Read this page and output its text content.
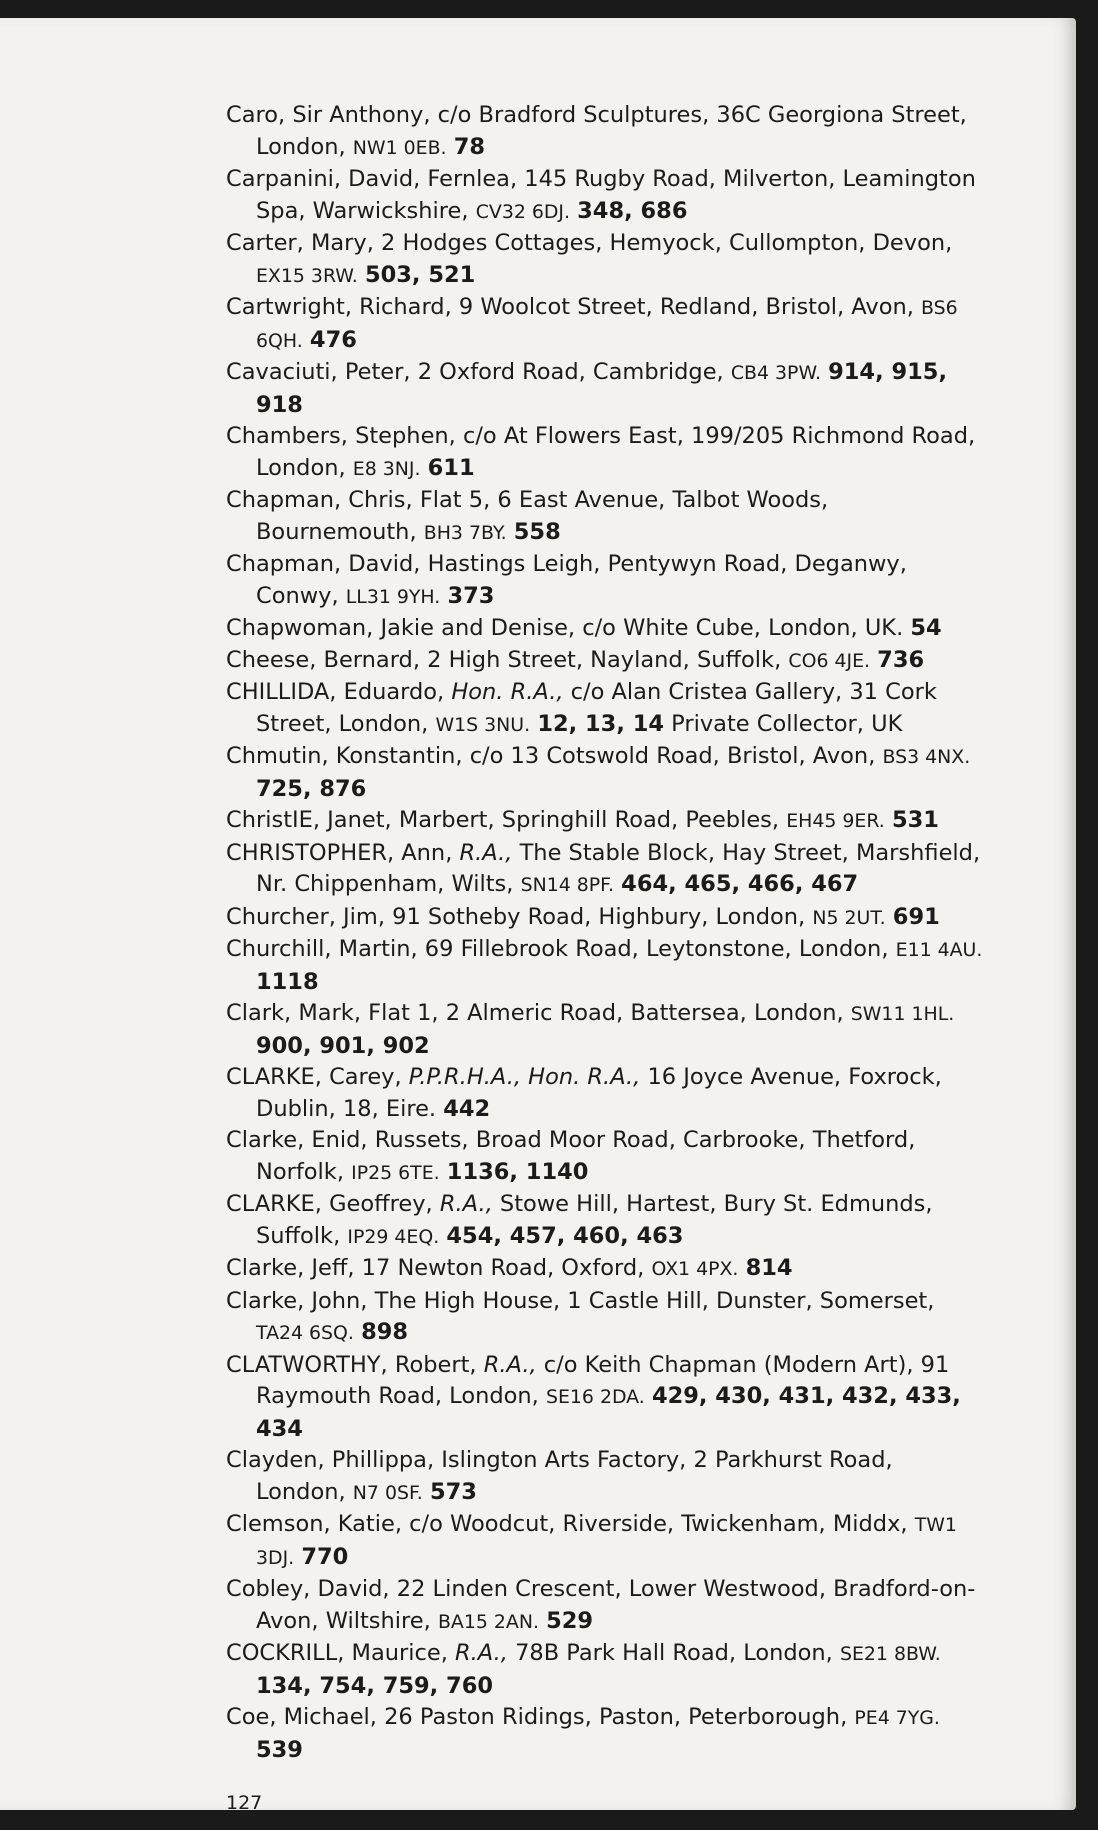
Caro, Sir Anthony, c/o Bradford Sculptures, 36C Georgiona Street, London, NW1 0EB. 78
Carpanini, David, Fernlea, 145 Rugby Road, Milverton, Leamington Spa, Warwickshire, CV32 6DJ. 348, 686
Carter, Mary, 2 Hodges Cottages, Hemyock, Cullompton, Devon, EX15 3RW. 503, 521
Cartwright, Richard, 9 Woolcot Street, Redland, Bristol, Avon, BS6 6QH. 476
Cavaciuti, Peter, 2 Oxford Road, Cambridge, CB4 3PW. 914, 915, 918
Chambers, Stephen, c/o At Flowers East, 199/205 Richmond Road, London, E8 3NJ. 611
Chapman, Chris, Flat 5, 6 East Avenue, Talbot Woods, Bournemouth, BH3 7BY. 558
Chapman, David, Hastings Leigh, Pentywyn Road, Deganwy, Conwy, LL31 9YH. 373
Chapwoman, Jakie and Denise, c/o White Cube, London, UK. 54
Cheese, Bernard, 2 High Street, Nayland, Suffolk, CO6 4JE. 736
CHILLIDA, Eduardo, Hon. R.A., c/o Alan Cristea Gallery, 31 Cork Street, London, W1S 3NU. 12, 13, 14 Private Collector, UK
Chmutin, Konstantin, c/o 13 Cotswold Road, Bristol, Avon, BS3 4NX. 725, 876
ChristIE, Janet, Marbert, Springhill Road, Peebles, EH45 9ER. 531
CHRISTOPHER, Ann, R.A., The Stable Block, Hay Street, Marshfield, Nr. Chippenham, Wilts, SN14 8PF. 464, 465, 466, 467
Churcher, Jim, 91 Sotheby Road, Highbury, London, N5 2UT. 691
Churchill, Martin, 69 Fillebrook Road, Leytonstone, London, E11 4AU. 1118
Clark, Mark, Flat 1, 2 Almeric Road, Battersea, London, SW11 1HL. 900, 901, 902
CLARKE, Carey, P.P.R.H.A., Hon. R.A., 16 Joyce Avenue, Foxrock, Dublin, 18, Eire. 442
Clarke, Enid, Russets, Broad Moor Road, Carbrooke, Thetford, Norfolk, IP25 6TE. 1136, 1140
CLARKE, Geoffrey, R.A., Stowe Hill, Hartest, Bury St. Edmunds, Suffolk, IP29 4EQ. 454, 457, 460, 463
Clarke, Jeff, 17 Newton Road, Oxford, OX1 4PX. 814
Clarke, John, The High House, 1 Castle Hill, Dunster, Somerset, TA24 6SQ. 898
CLATWORTHY, Robert, R.A., c/o Keith Chapman (Modern Art), 91 Raymouth Road, London, SE16 2DA. 429, 430, 431, 432, 433, 434
Clayden, Phillippa, Islington Arts Factory, 2 Parkhurst Road, London, N7 0SF. 573
Clemson, Katie, c/o Woodcut, Riverside, Twickenham, Middx, TW1 3DJ. 770
Cobley, David, 22 Linden Crescent, Lower Westwood, Bradford-on-Avon, Wiltshire, BA15 2AN. 529
COCKRILL, Maurice, R.A., 78B Park Hall Road, London, SE21 8BW. 134, 754, 759, 760
Coe, Michael, 26 Paston Ridings, Paston, Peterborough, PE4 7YG. 539
127
